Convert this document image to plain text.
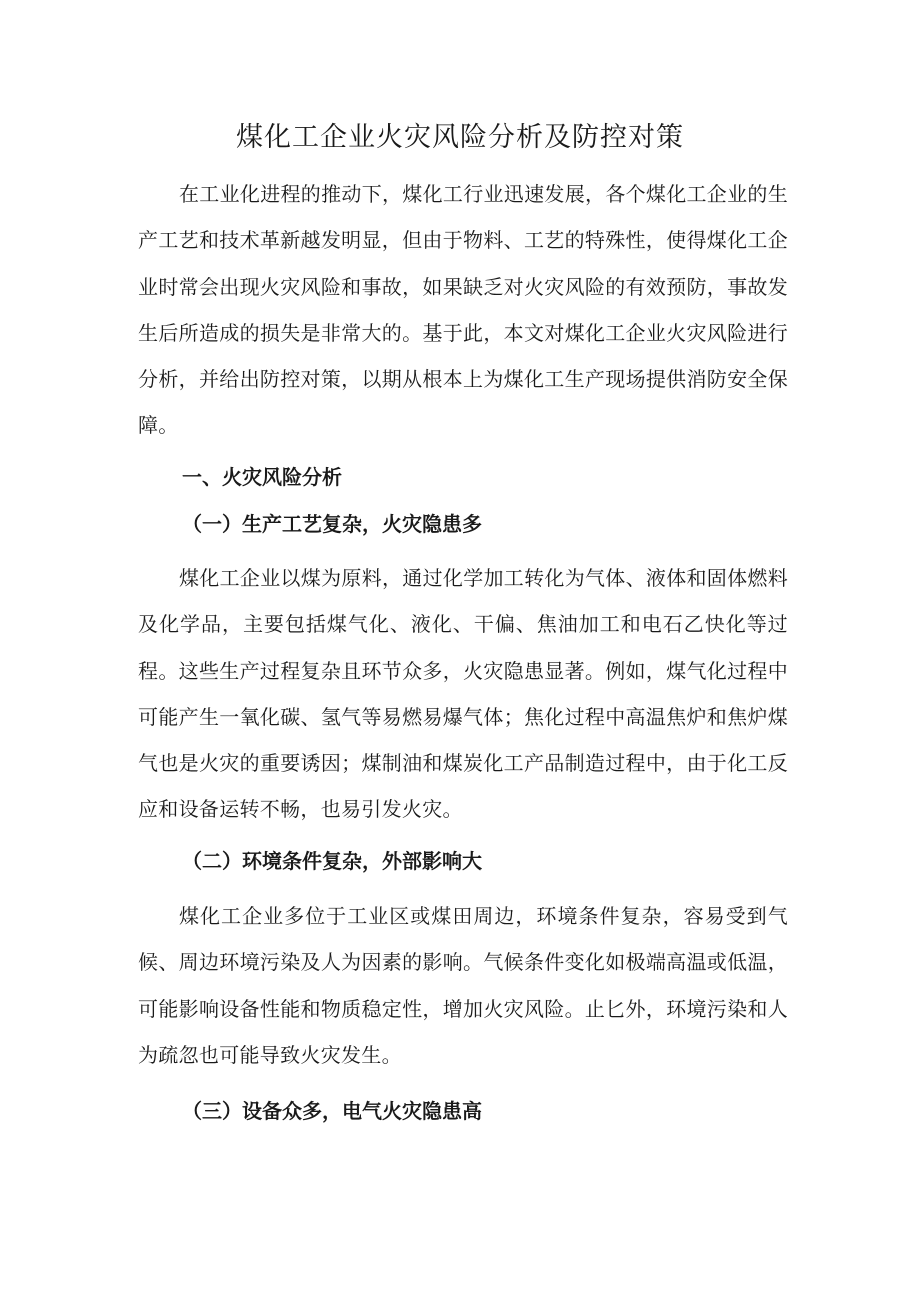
煤化工企业火灾风险分析及防控对策

在工业化进程的推动下，煤化工行业迅速发展，各个煤化工企业的生产工艺和技术革新越发明显，但由于物料、工艺的特殊性，使得煤化工企业时常会出现火灾风险和事故，如果缺乏对火灾风险的有效预防，事故发生后所造成的损失是非常大的。基于此，本文对煤化工企业火灾风险进行分析，并给出防控对策，以期从根本上为煤化工生产现场提供消防安全保障。

一、火灾风险分析
（一）生产工艺复杂，火灾隐患多

煤化工企业以煤为原料，通过化学加工转化为气体、液体和固体燃料及化学品，主要包括煤气化、液化、干偏、焦油加工和电石乙快化等过程。这些生产过程复杂且环节众多，火灾隐患显著。例如，煤气化过程中可能产生一氧化碳、氢气等易燃易爆气体；焦化过程中高温焦炉和焦炉煤气也是火灾的重要诱因；煤制油和煤炭化工产品制造过程中，由于化工反应和设备运转不畅，也易引发火灾。

（二）环境条件复杂，外部影响大

煤化工企业多位于工业区或煤田周边，环境条件复杂，容易受到气候、周边环境污染及人为因素的影响。气候条件变化如极端高温或低温，可能影响设备性能和物质稳定性，增加火灾风险。止匕外，环境污染和人为疏忽也可能导致火灾发生。

（三）设备众多，电气火灾隐患高
